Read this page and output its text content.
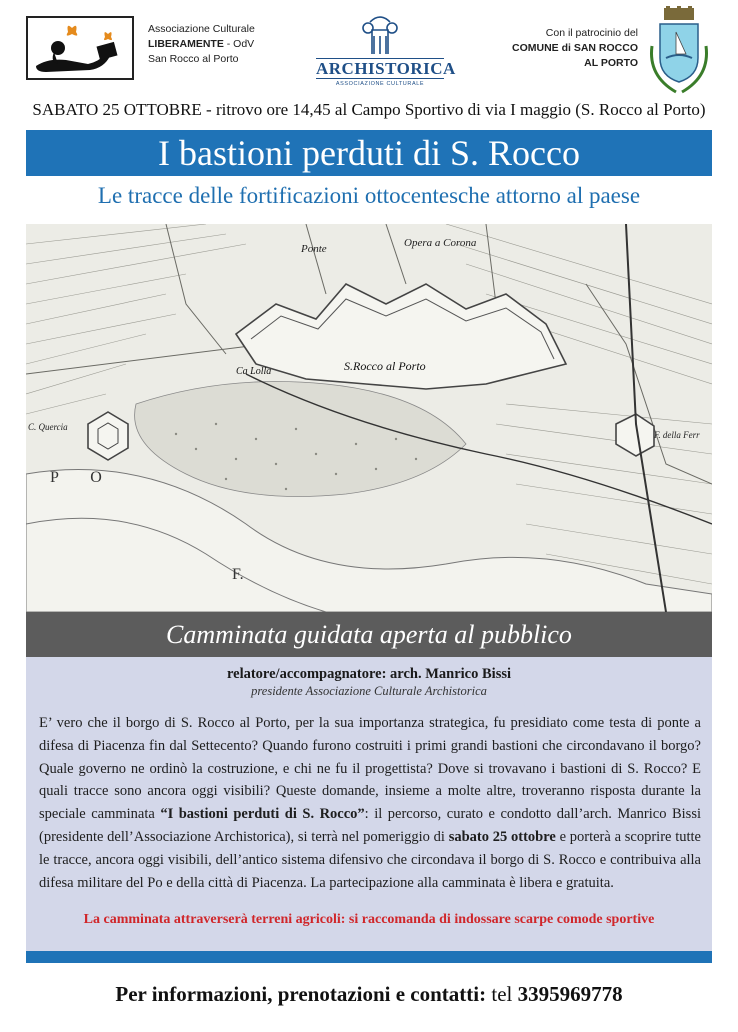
Associazione Culturale
LIBERAMENTE - OdV
San Rocco al Porto	ARCHISTORICA
ASSOCIAZIONE CULTURALE
Con il patrocinio del
COMUNE di SAN ROCCO
AL PORTO
SABATO 25 OTTOBRE - ritrovo ore 14,45 al Campo Sportivo di via I maggio (S. Rocco al Porto)
I bastioni perduti di S. Rocco
Le tracce delle fortificazioni ottocentesche attorno al paese
Ponte	Opera a Corona
S.Rocco al Porto
Ca Lolla
C. Quercia
P O
F.
F. della Ferr
Camminata guidata aperta al pubblico
relatore/accompagnatore: arch. Manrico Bissi
presidente Associazione Culturale Archistorica
E’ vero che il borgo di S. Rocco al Porto, per la sua importanza strategica, fu presidiato come testa di ponte a difesa di Piacenza fin dal Settecento? Quando furono costruiti i primi grandi bastioni che circondavano il borgo? Quale governo ne ordinò la costruzione, e chi ne fu il progettista? Dove si trovavano i bastioni di S. Rocco? E quali tracce sono ancora oggi visibili? Queste domande, insieme a molte altre, troveranno risposta durante la speciale camminata “I bastioni perduti di S. Rocco”: il percorso, curato e condotto dall’arch. Manrico Bissi (presidente dell’Associazione Archistorica), si terrà nel pomeriggio di sabato 25 ottobre e porterà a scoprire tutte le tracce, ancora oggi visibili, dell’antico sistema difensivo che circondava il borgo di S. Rocco e contribuiva alla difesa militare del Po e della città di Piacenza. La partecipazione alla camminata è libera e gratuita.
La camminata attraverserà terreni agricoli: si raccomanda di indossare scarpe comode sportive
Per informazioni, prenotazioni e contatti: tel 3395969778
